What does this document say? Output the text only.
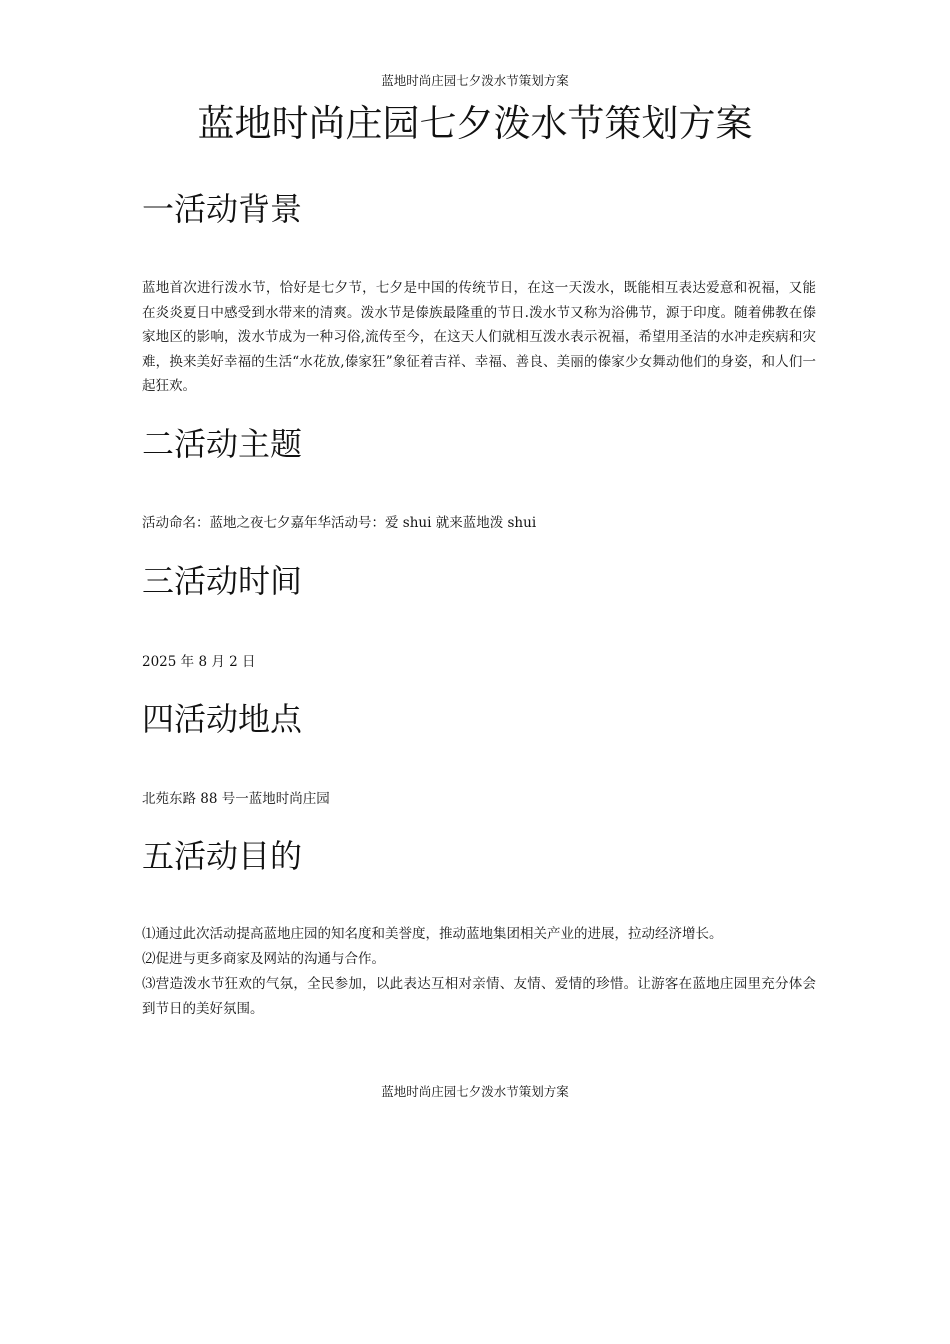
蓝地时尚庄园七夕泼水节策划方案
蓝地时尚庄园七夕泼水节策划方案
一活动背景

蓝地首次进行泼水节，恰好是七夕节，七夕是中国的传统节日，在这一天泼水，既能相互表达爱意和祝福，又能在炎炎夏日中感受到水带来的清爽。泼水节是傣族最隆重的节日.泼水节又称为浴佛节，源于印度。随着佛教在傣家地区的影响，泼水节成为一种习俗,流传至今，在这天人们就相互泼水表示祝福，希望用圣洁的水冲走疾病和灾难，换来美好幸福的生活“水花放,傣家狂”象征着吉祥、幸福、善良、美丽的傣家少女舞动他们的身姿，和人们一起狂欢。

二活动主题

活动命名：蓝地之夜七夕嘉年华活动号：爱 shui 就来蓝地泼 shui

三活动时间

2025 年 8 月 2 日

四活动地点

北苑东路 88 号一蓝地时尚庄园

五活动目的
⑴通过此次活动提高蓝地庄园的知名度和美誉度，推动蓝地集团相关产业的进展，拉动经济增长。
⑵促进与更多商家及网站的沟通与合作。
⑶营造泼水节狂欢的气氛，全民参加，以此表达互相对亲情、友情、爱情的珍惜。让游客在蓝地庄园里充分体会到节日的美好氛围。
蓝地时尚庄园七夕泼水节策划方案
